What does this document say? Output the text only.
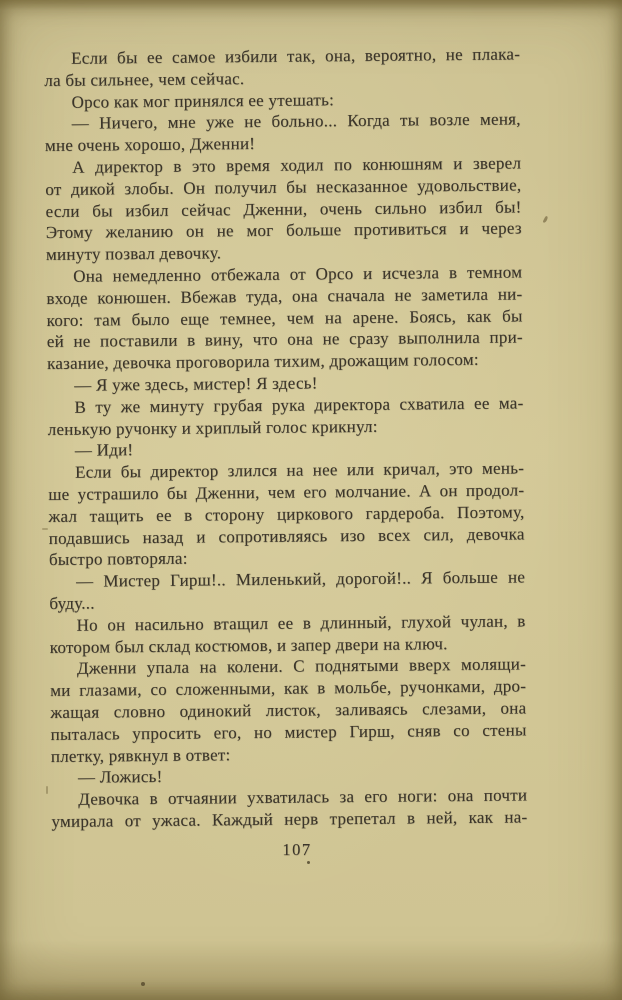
Если бы ее самое избили так, она, вероятно, не плака-
ла бы сильнее, чем сейчас.
Орсо как мог принялся ее утешать:
— Ничего, мне уже не больно... Когда ты возле меня,
мне очень хорошо, Дженни!
А директор в это время ходил по конюшням и зверел
от дикой злобы. Он получил бы несказанное удовольствие,
если бы избил сейчас Дженни, очень сильно избил бы!
Этому желанию он не мог больше противиться и через
минуту позвал девочку.
Она немедленно отбежала от Орсо и исчезла в темном
входе конюшен. Вбежав туда, она сначала не заметила ни-
кого: там было еще темнее, чем на арене. Боясь, как бы
ей не поставили в вину, что она не сразу выполнила при-
казание, девочка проговорила тихим, дрожащим голосом:
— Я уже здесь, мистер! Я здесь!
В ту же минуту грубая рука директора схватила ее ма-
ленькую ручонку и хриплый голос крикнул:
— Иди!
Если бы директор злился на нее или кричал, это мень-
ше устрашило бы Дженни, чем его молчание. А он продол-
жал тащить ее в сторону циркового гардероба. Поэтому,
подавшись назад и сопротивляясь изо всех сил, девочка
быстро повторяла:
— Мистер Гирш!.. Миленький, дорогой!.. Я больше не
буду...
Но он насильно втащил ее в длинный, глухой чулан, в
котором был склад костюмов, и запер двери на ключ.
Дженни упала на колени. С поднятыми вверх молящи-
ми глазами, со сложенными, как в мольбе, ручонками, дро-
жащая словно одинокий листок, заливаясь слезами, она
пыталась упросить его, но мистер Гирш, сняв со стены
плетку, рявкнул в ответ:
— Ложись!
Девочка в отчаянии ухватилась за его ноги: она почти
умирала от ужаса. Каждый нерв трепетал в ней, как на-
107
